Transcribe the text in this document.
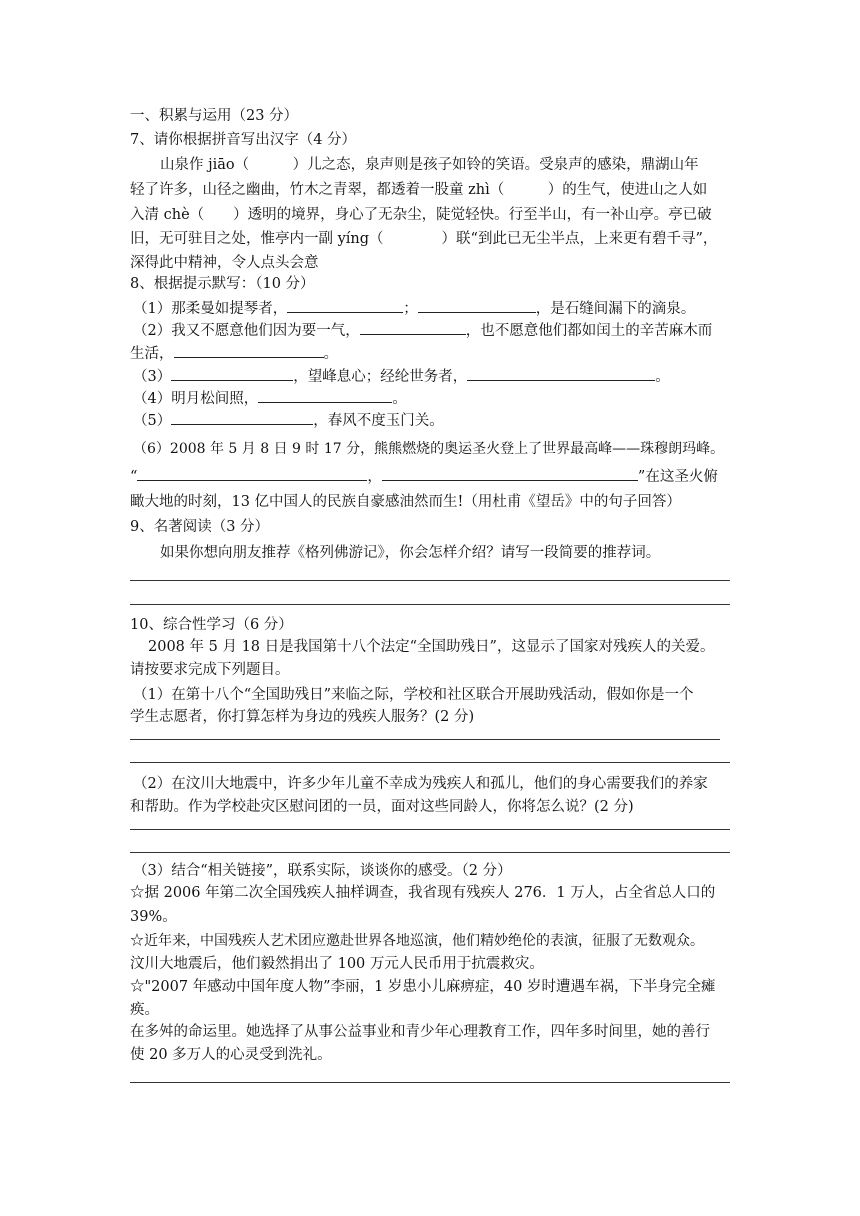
一、积累与运用（23 分）
7、请你根据拼音写出汉字（4 分）
山泉作 jiāo（　　　）儿之态，泉声则是孩子如铃的笑语。受泉声的感染，鼎湖山年
轻了许多，山径之幽曲，竹木之青翠，都透着一股童 zhì（　　　）的生气，使进山之人如
入清 chè（　　）透明的境界，身心了无杂尘，陡觉轻快。行至半山，有一补山亭。亭已破
旧，无可驻目之处，惟亭内一副 yíng（　　　　）联“到此已无尘半点，上来更有碧千寻”，
深得此中精神，令人点头会意
8、根据提示默写：（10 分）
（1）那柔曼如提琴者，	；	，是石缝间漏下的滴泉。
（2）我又不愿意他们因为要一气，	，也不愿意他们都如闰土的辛苦麻木而
生活，	。
（3）	，望峰息心；经纶世务者，	。
（4）明月松间照，	。
（5）	，春风不度玉门关。
（6）2008 年 5 月 8 日 9 时 17 分，熊熊燃烧的奥运圣火登上了世界最高峰——珠穆朗玛峰。
“	，	”在这圣火俯
瞰大地的时刻，13 亿中国人的民族自豪感油然而生!（用杜甫《望岳》中的句子回答）
9、名著阅读（3 分）
如果你想向朋友推荐《格列佛游记》，你会怎样介绍？请写一段简要的推荐词。
10、综合性学习（6 分）
2008 年 5 月 18 日是我国第十八个法定“全国助残日”，这显示了国家对残疾人的关爱。
请按要求完成下列题目。
（1）在第十八个“全国助残日”来临之际，学校和社区联合开展助残活动，假如你是一个
学生志愿者，你打算怎样为身边的残疾人服务？(2 分)
（2）在汶川大地震中，许多少年儿童不幸成为残疾人和孤儿，他们的身心需要我们的养家
和帮助。作为学校赴灾区慰问团的一员，面对这些同龄人，你将怎么说？(2 分)
（3）结合“相关链接”，联系实际，谈谈你的感受。（2 分）
☆据 2006 年第二次全国残疾人抽样调查，我省现有残疾人 276．1 万人，占全省总人口的
39%。
☆近年来，中国残疾人艺术团应邀赴世界各地巡演，他们精妙绝伦的表演，征服了无数观众。
汶川大地震后，他们毅然捐出了 100 万元人民币用于抗震救灾。
☆"2007 年感动中国年度人物”李丽，1 岁患小儿麻痹症，40 岁时遭遇车祸，下半身完全瘫
痪。
在多舛的命运里。她选择了从事公益事业和青少年心理教育工作，四年多时间里，她的善行
使 20 多万人的心灵受到洗礼。
